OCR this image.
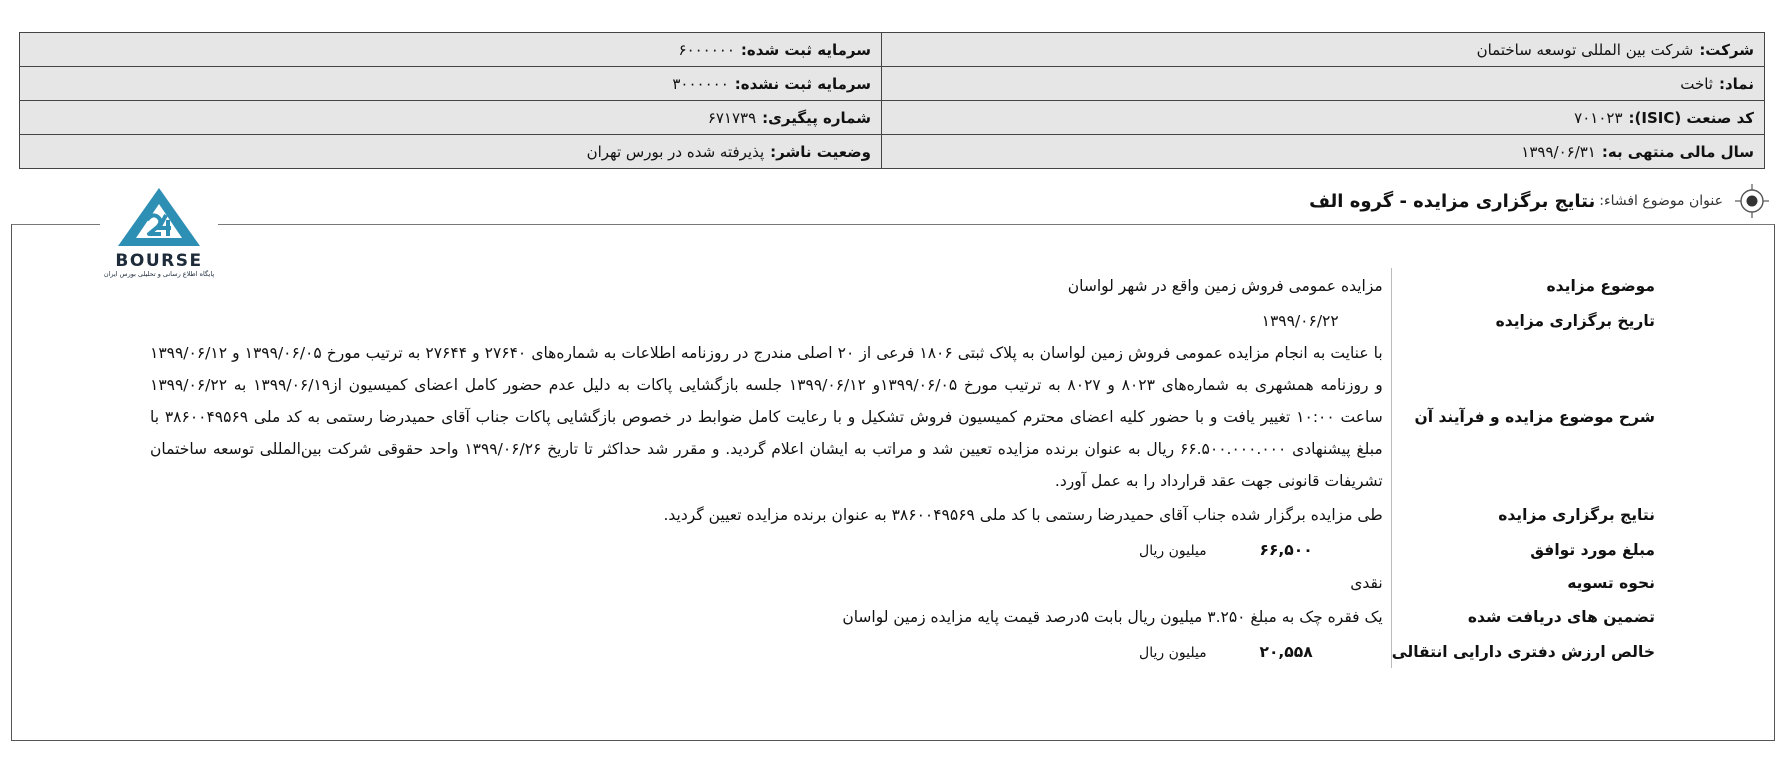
شرکت:شرکت بین المللی توسعه ساختمان	سرمایه ثبت شده:۶۰۰۰۰۰۰
نماد:ثاخت	سرمایه ثبت نشده:۳۰۰۰۰۰۰
کد صنعت (ISIC):۷۰۱۰۲۳	شماره پیگیری:۶۷۱۷۳۹
سال مالی منتهی به:۱۳۹۹/۰۶/۳۱	وضعیت ناشر:پذیرفته شده در بورس تهران
عنوان موضوع افشاء:
نتایج برگزاری مزایده - گروه الف
BOURSE
پایگاه اطلاع رسانی و تحلیلی بورس ایران
موضوع مزایده	مزایده عمومی فروش زمین واقع در شهر لواسان
تاریخ برگزاری مزایده	۱۳۹۹/۰۶/۲۲
شرح موضوع مزایده و فرآیند آن	با عنایت به انجام مزایده عمومی فروش زمین لواسان به پلاک ثبتی ۱۸۰۶ فرعی از ۲۰ اصلی مندرج در روزنامه اطلاعات به شماره‌های ۲۷۶۴۰ و ۲۷۶۴۴ به ترتیب مورخ ۱۳۹۹/۰۶/۰۵ و ۱۳۹۹/۰۶/۱۲ و روزنامه همشهری به شماره‌های ۸۰۲۳ و ۸۰۲۷ به ترتیب مورخ ۱۳۹۹/۰۶/۰۵و ۱۳۹۹/۰۶/۱۲ جلسه بازگشایی پاکات به دلیل عدم حضور کامل اعضای کمیسیون از۱۳۹۹/۰۶/۱۹ به ۱۳۹۹/۰۶/۲۲ ساعت ۱۰:۰۰ تغییر یافت و با حضور کلیه اعضای محترم کمیسیون فروش تشکیل و با رعایت کامل ضوابط در خصوص بازگشایی پاکات جناب آقای حمیدرضا رستمی به کد ملی ۳۸۶۰۰۴۹۵۶۹ با مبلغ پیشنهادی ۶۶.۵۰۰.۰۰۰.۰۰۰ ریال به عنوان برنده مزایده تعیین شد و مراتب به ایشان اعلام گردید. و مقرر شد حداکثر تا تاریخ ۱۳۹۹/۰۶/۲۶ واحد حقوقی شرکت بین‌المللی توسعه ساختمان تشریفات قانونی جهت عقد قرارداد را به عمل آورد.
نتایج برگزاری مزایده	طی مزایده برگزار شده جناب آقای حمیدرضا رستمی با کد ملی ۳۸۶۰۰۴۹۵۶۹ به عنوان برنده مزایده تعیین گردید.
مبلغ مورد توافق	۶۶,۵۰۰میلیون ریال
نحوه تسویه	نقدی
تضمین های دریافت شده	یک فقره چک به مبلغ ۳.۲۵۰ میلیون ریال بابت ۵درصد قیمت پایه مزایده زمین لواسان
خالص ارزش دفتری دارایی انتقالی	۲۰,۵۵۸میلیون ریال
